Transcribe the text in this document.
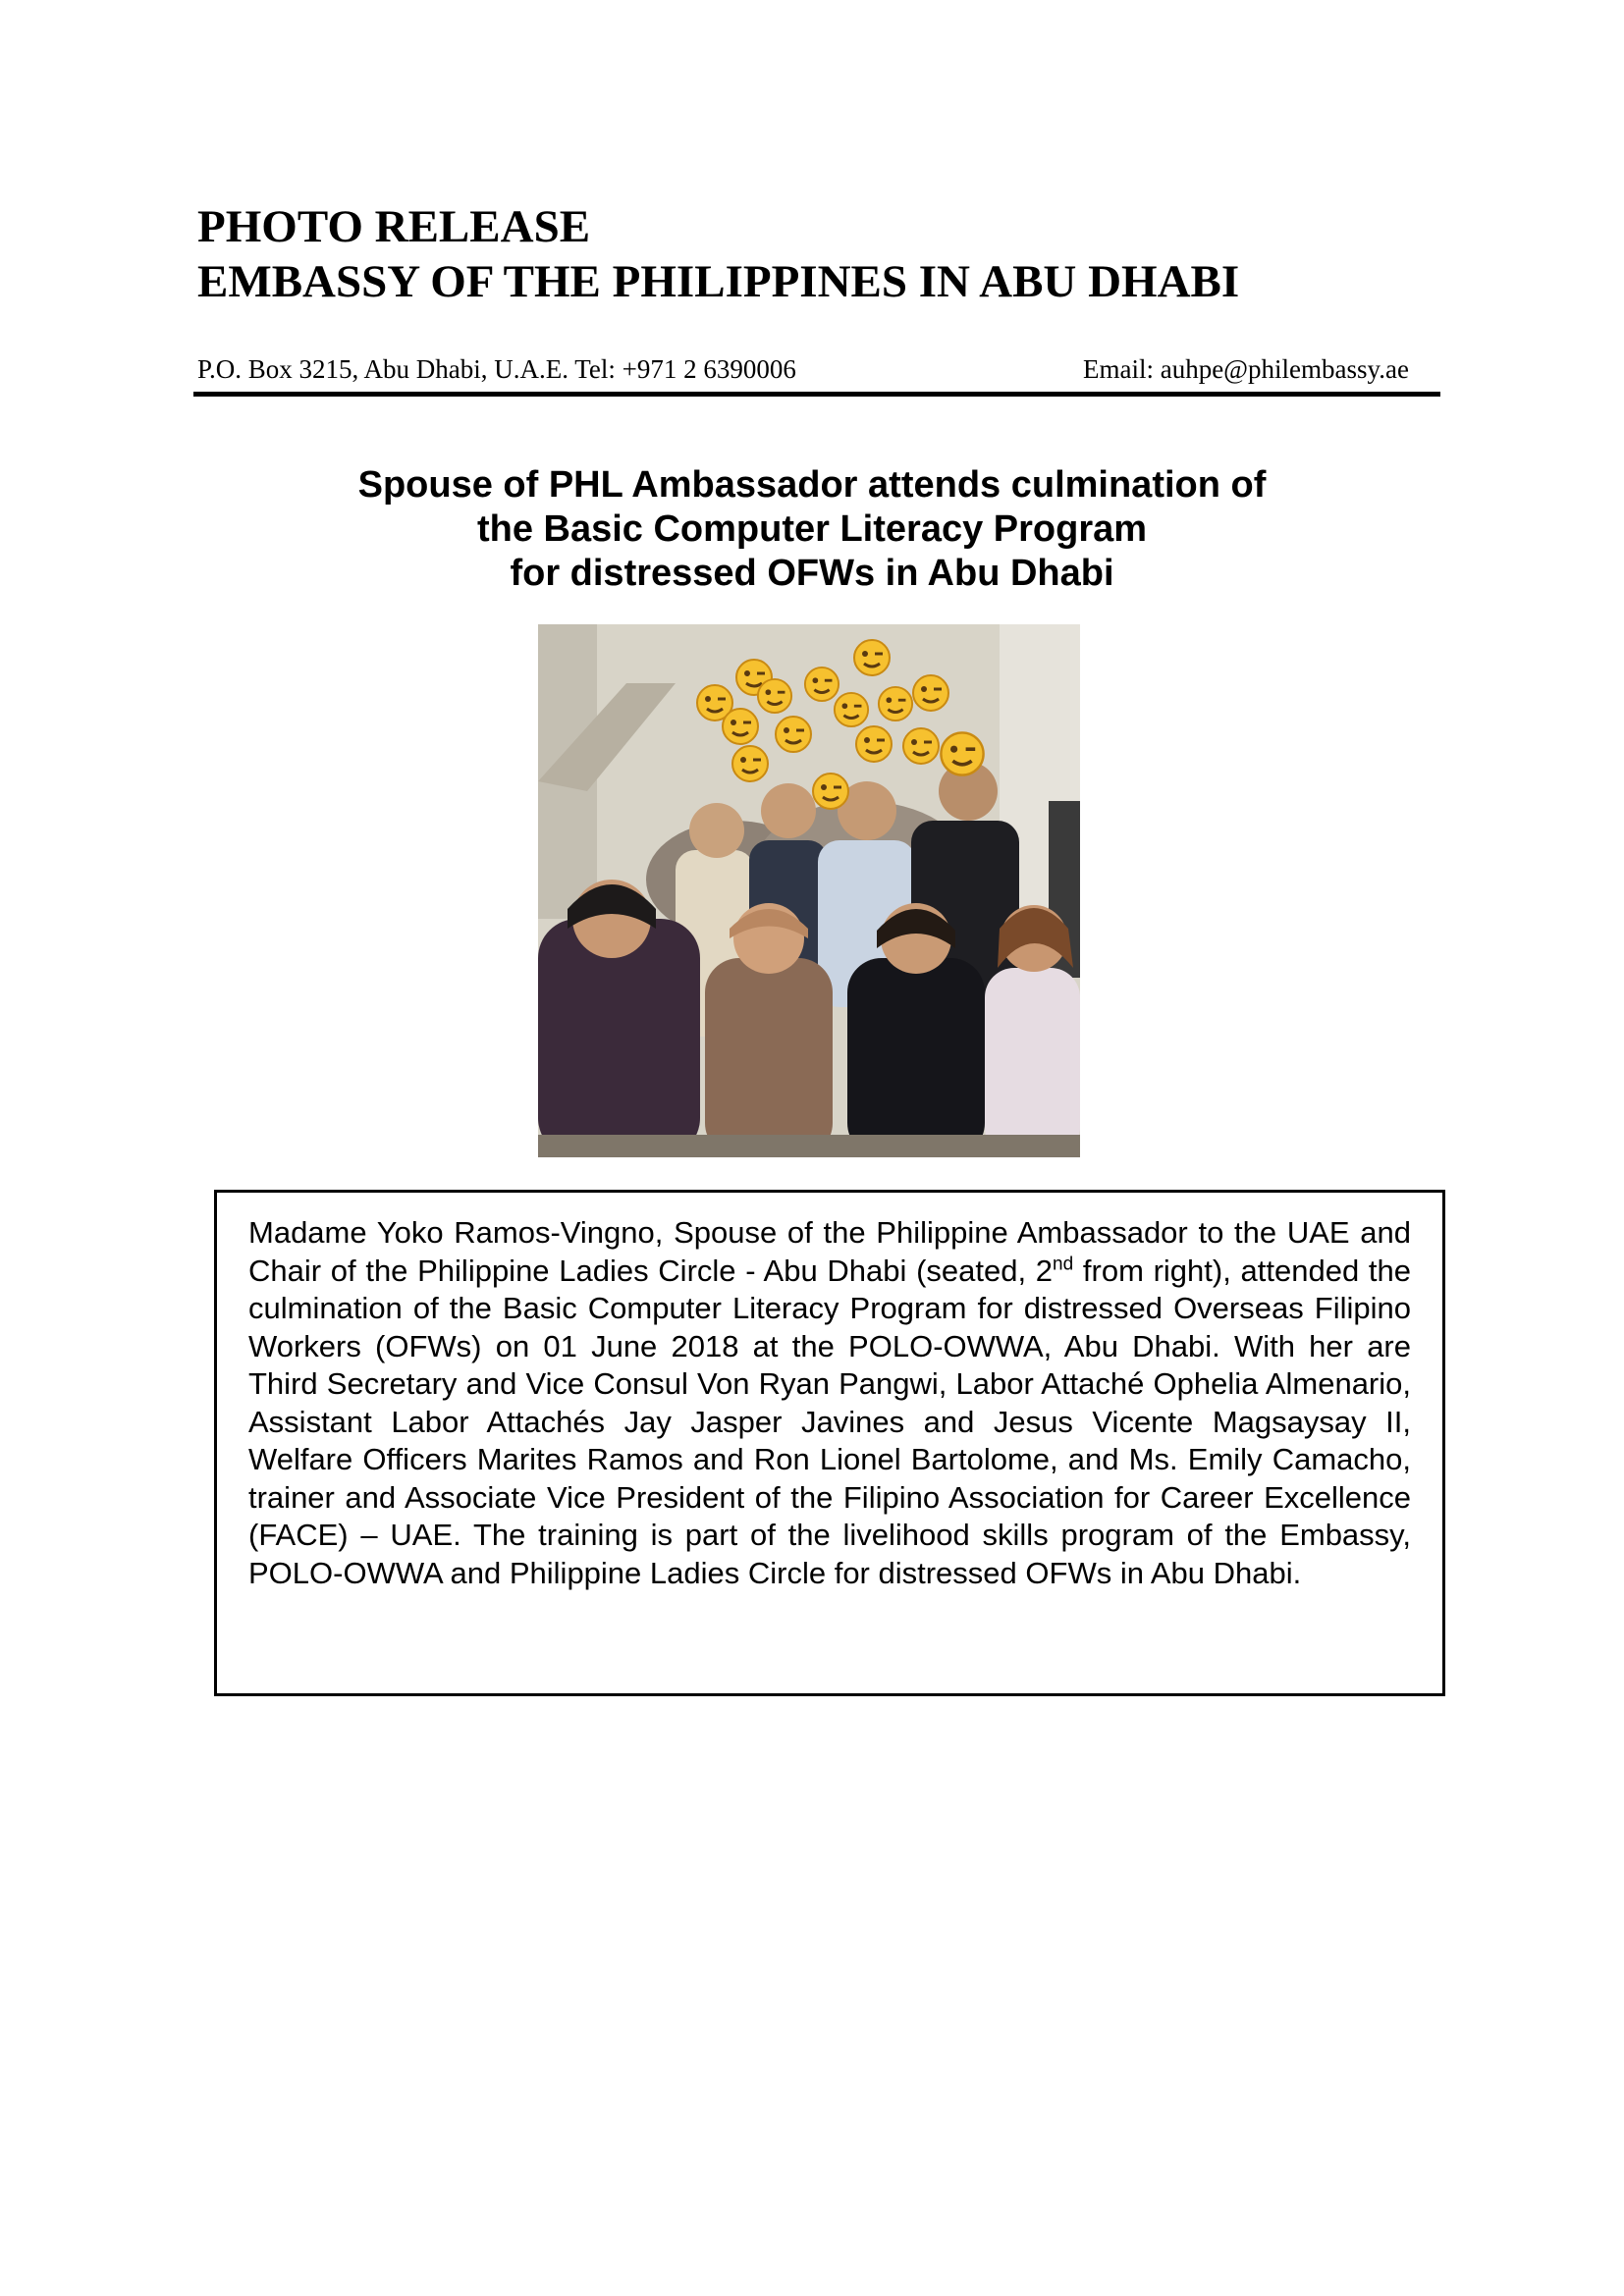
PHOTO RELEASE
EMBASSY OF THE PHILIPPINES IN ABU DHABI
P.O. Box 3215, Abu Dhabi, U.A.E. Tel: +971 2 6390006	Email: auhpe@philembassy.ae
Spouse of PHL Ambassador attends culmination of
the Basic Computer Literacy Program
for distressed OFWs in Abu Dhabi
Madame Yoko Ramos-Vingno, Spouse of the Philippine Ambassador to the UAE and Chair of the Philippine Ladies Circle - Abu Dhabi (seated, 2nd from right), attended the culmination of the Basic Computer Literacy Program for distressed Overseas Filipino Workers (OFWs) on 01 June 2018 at the POLO-OWWA, Abu Dhabi. With her are Third Secretary and Vice Consul Von Ryan Pangwi, Labor Attaché Ophelia Almenario, Assistant Labor Attachés Jay Jasper Javines and Jesus Vicente Magsaysay II, Welfare Officers Marites Ramos and Ron Lionel Bartolome, and Ms. Emily Camacho, trainer and Associate Vice President of the Filipino Association for Career Excellence (FACE) – UAE. The training is part of the livelihood skills program of the Embassy, POLO-OWWA and Philippine Ladies Circle for distressed OFWs in Abu Dhabi.
